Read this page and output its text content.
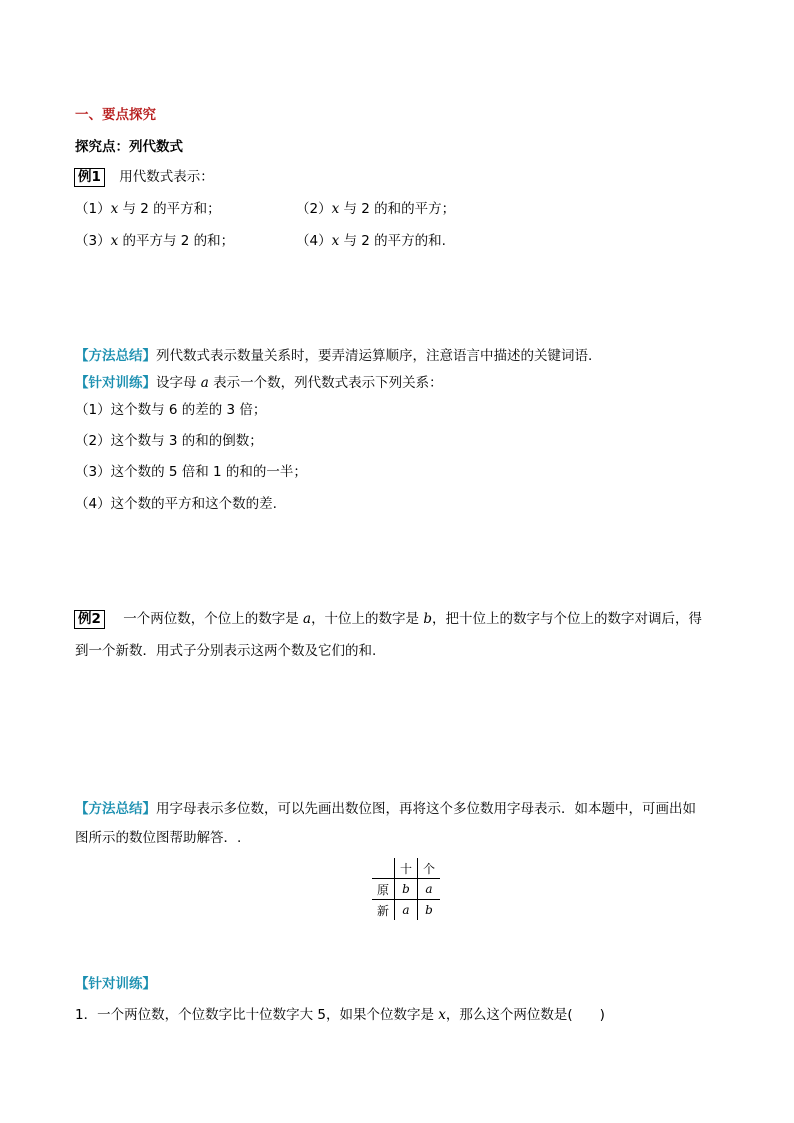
一、要点探究
探究点：列代数式
例1 用代数式表示：
（1）x 与 2 的平方和；	（2）x 与 2 的和的平方；
（3）x 的平方与 2 的和；	（4）x 与 2 的平方的和.
【方法总结】列代数式表示数量关系时，要弄清运算顺序，注意语言中描述的关键词语.
【针对训练】设字母 a 表示一个数，列代数式表示下列关系：
（1）这个数与 6 的差的 3 倍；
（2）这个数与 3 的和的倒数；
（3）这个数的 5 倍和 1 的和的一半；
（4）这个数的平方和这个数的差.
例2 一个两位数，个位上的数字是 a，十位上的数字是 b，把十位上的数字与个位上的数字对调后，得
到一个新数．用式子分别表示这两个数及它们的和.
【方法总结】用字母表示多位数，可以先画出数位图，再将这个多位数用字母表示．如本题中，可画出如
图所示的数位图帮助解答．.
	十	个
原	b	a
新	a	b
【针对训练】
1．一个两位数，个位数字比十位数字大 5，如果个位数字是 x，那么这个两位数是(　　)
